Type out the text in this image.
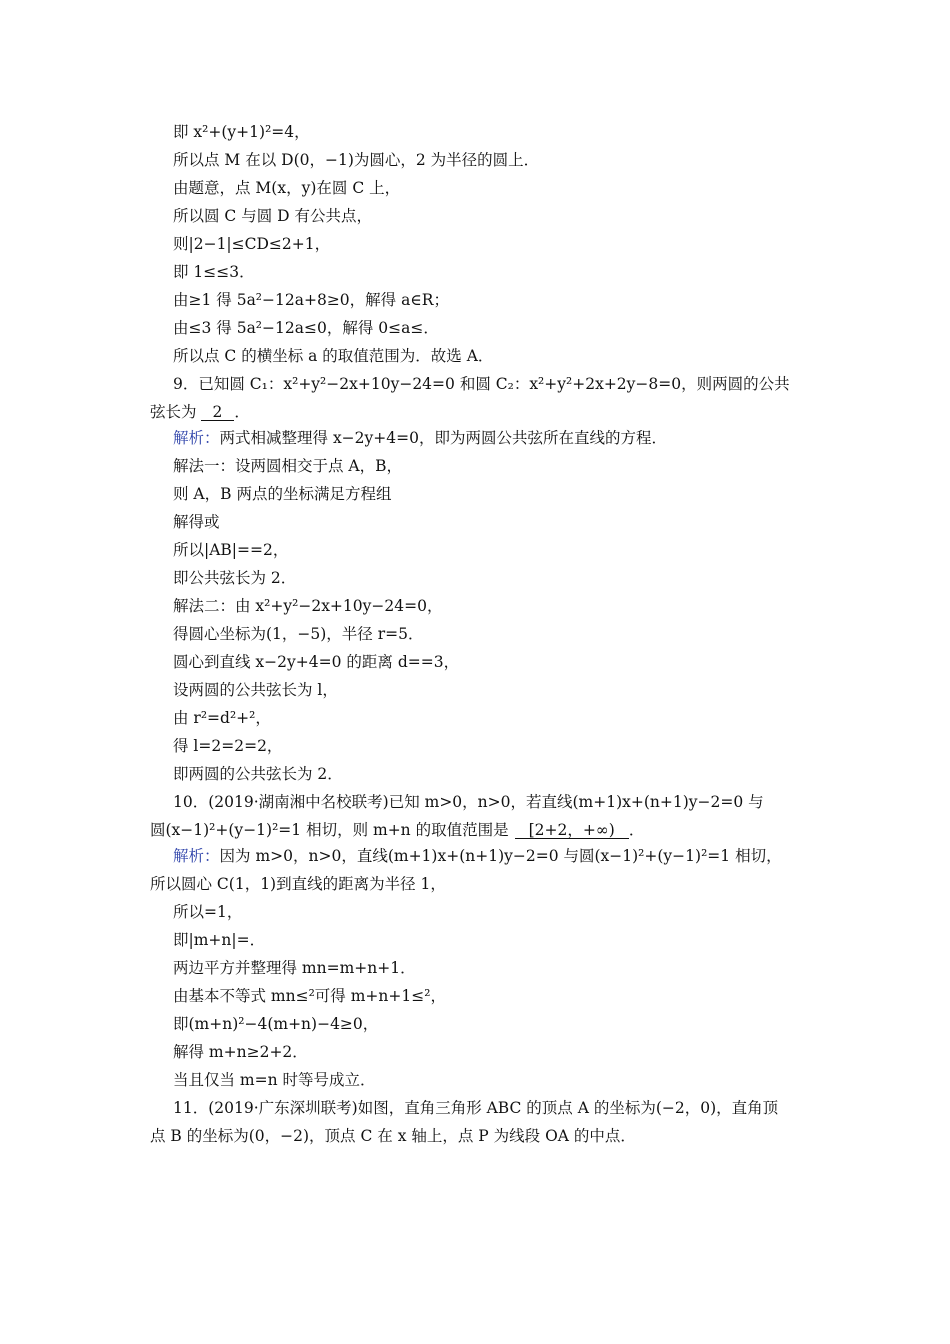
即 x²+(y+1)²=4，
所以点 M 在以 D(0，−1)为圆心，2 为半径的圆上．
由题意，点 M(x，y)在圆 C 上，
所以圆 C 与圆 D 有公共点，
则|2−1|≤CD≤2+1，
即 1≤≤3．
由≥1 得 5a²−12a+8≥0，解得 a∈R；
由≤3 得 5a²−12a≤0，解得 0≤a≤．
所以点 C 的横坐标 a 的取值范围为．故选 A．
9．已知圆 C₁：x²+y²−2x+10y−24=0 和圆 C₂：x²+y²+2x+2y−8=0，则两圆的公共
弦长为 2 ．
解析：两式相减整理得 x−2y+4=0，即为两圆公共弦所在直线的方程．
解法一：设两圆相交于点 A，B，
则 A，B 两点的坐标满足方程组
解得或
所以|AB|==2，
即公共弦长为 2．
解法二：由 x²+y²−2x+10y−24=0，
得圆心坐标为(1，−5)，半径 r=5．
圆心到直线 x−2y+4=0 的距离 d==3，
设两圆的公共弦长为 l，
由 r²=d²+²，
得 l=2=2=2，
即两圆的公共弦长为 2．
10．(2019·湖南湘中名校联考)已知 m>0，n>0，若直线(m+1)x+(n+1)y−2=0 与
圆(x−1)²+(y−1)²=1 相切，则 m+n 的取值范围是 [2+2，+∞) ．
解析：因为 m>0，n>0，直线(m+1)x+(n+1)y−2=0 与圆(x−1)²+(y−1)²=1 相切，
所以圆心 C(1，1)到直线的距离为半径 1，
所以=1，
即|m+n|=．
两边平方并整理得 mn=m+n+1．
由基本不等式 mn≤²可得 m+n+1≤²，
即(m+n)²−4(m+n)−4≥0，
解得 m+n≥2+2．
当且仅当 m=n 时等号成立．
11．(2019·广东深圳联考)如图，直角三角形 ABC 的顶点 A 的坐标为(−2，0)，直角顶
点 B 的坐标为(0，−2)，顶点 C 在 x 轴上，点 P 为线段 OA 的中点．
